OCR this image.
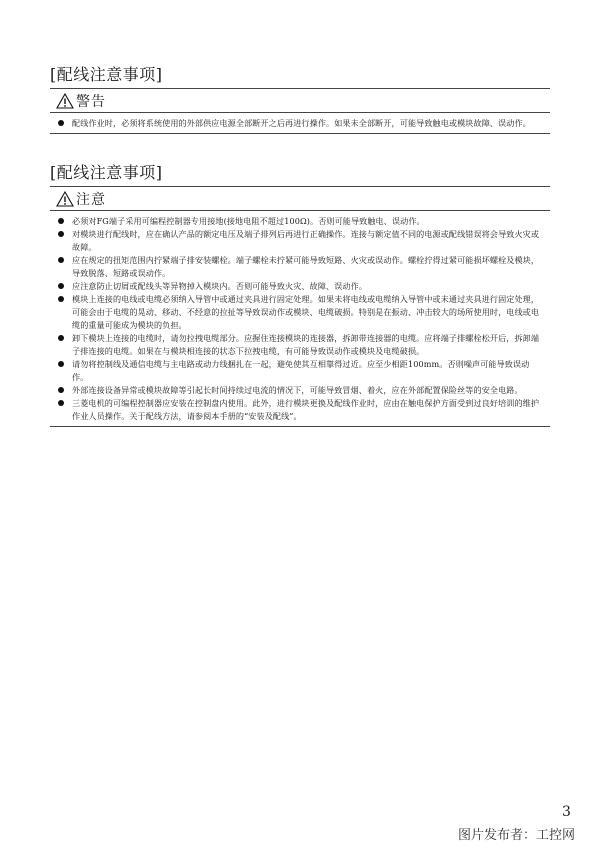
[配线注意事项]
警告
配线作业时，必须将系统使用的外部供应电源全部断开之后再进行操作。如果未全部断开，可能导致触电或模块故障、误动作。
[配线注意事项]
注意
必须对FG端子采用可编程控制器专用接地(接地电阻不超过100Ω)。否则可能导致触电、误动作。
对模块进行配线时，应在确认产品的额定电压及端子排列后再进行正确操作。连接与额定值不同的电源或配线错误将会导致火灾或故障。
应在规定的扭矩范围内拧紧端子排安装螺栓。端子螺栓未拧紧可能导致短路、火灾或误动作。螺栓拧得过紧可能损坏螺栓及模块，导致脱落、短路或误动作。
应注意防止切屑或配线头等异物掉入模块内。否则可能导致火灾、故障、误动作。
模块上连接的电线或电缆必须纳入导管中或通过夹具进行固定处理。如果未将电线或电缆纳入导管中或未通过夹具进行固定处理，可能会由于电缆的晃动、移动、不经意的拉扯等导致误动作或模块、电缆破损。特别是在振动、冲击较大的场所使用时，电线或电缆的重量可能成为模块的负担。
卸下模块上连接的电缆时，请勿拉拽电缆部分。应握住连接模块的连接器，拆卸带连接器的电缆。应将端子排螺栓松开后，拆卸端子排连接的电缆。如果在与模块相连接的状态下拉拽电缆，有可能导致误动作或模块及电缆破损。
请勿将控制线及通信电缆与主电路或动力线捆扎在一起，避免使其互相靠得过近。应至少相距100mm。否则噪声可能导致误动作。
外部连接设备异常或模块故障等引起长时间持续过电流的情况下，可能导致冒烟、着火，应在外部配置保险丝等的安全电路。
三菱电机的可编程控制器应安装在控制盘内使用。此外，进行模块更换及配线作业时，应由在触电保护方面受到过良好培训的维护作业人员操作。关于配线方法，请参阅本手册的“安装及配线”。
3
图片发布者：工控网
